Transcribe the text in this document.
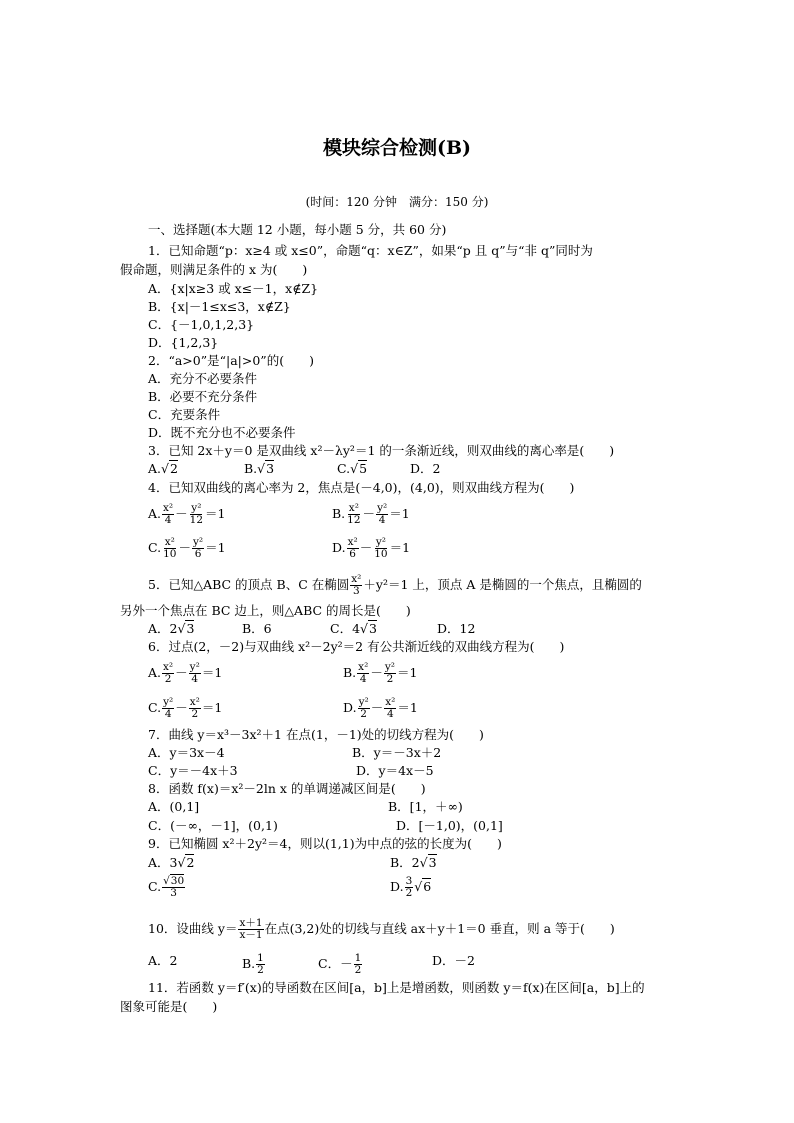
模块综合检测(B)
(时间：120 分钟　满分：150 分)
一、选择题(本大题 12 小题，每小题 5 分，共 60 分)
1．已知命题“p：x≥4 或 x≤0”，命题“q：x∈Z”，如果“p 且 q”与“非 q”同时为
假命题，则满足条件的 x 为(　　)
A．{x|x≥3 或 x≤－1，x∉Z}
B．{x|－1≤x≤3，x∉Z}
C．{－1,0,1,2,3}
D．{1,2,3}
2．“a>0”是“|a|>0”的(　　)
A．充分不必要条件
B．必要不充分条件
C．充要条件
D．既不充分也不必要条件
3．已知 2x＋y＝0 是双曲线 x²－λy²＝1 的一条渐近线，则双曲线的离心率是(　　)
A.√2	B.√3	C.√5	D．2
4．已知双曲线的离心率为 2，焦点是(－4,0)，(4,0)，则双曲线方程为(　　)
A. $\frac{\text{x²}}{4} - \frac{\text{y²}}{12} =1$	B. $\frac{\text{x²}}{12} - \frac{\text{y²}}{4} =1$
C. $\frac{\text{x²}}{10} - \frac{\text{y²}}{6} =1$	D. $\frac{\text{x²}}{6} - \frac{\text{y²}}{10} =1$
5．已知△ABC 的顶点 B、C 在椭圆 $\frac{\text{x²}}{3} +y^2=1$ 上，顶点 A 是椭圆的一个焦点，且椭圆的
另外一个焦点在 BC 边上，则△ABC 的周长是(　　)
A．2√3	B．6	C．4√3	D．12
6．过点(2，－2)与双曲线 x²－2y²＝2 有公共渐近线的双曲线方程为(　　)
A. $\frac{\text{x²}}{2} - \frac{\text{y²}}{4} =1$	B. $\frac{\text{x²}}{4} - \frac{\text{y²}}{2} =1$
C. $\frac{\text{y²}}{4} - \frac{\text{x²}}{2} =1$	D. $\frac{\text{y²}}{2} - \frac{\text{x²}}{4} =1$
7．曲线 y＝x³－3x²＋1 在点(1，－1)处的切线方程为(　　)
A．y＝3x－4	B．y＝－3x＋2
C．y＝－4x＋3	D．y＝4x－5
8．函数 f(x)＝x²－2ln x 的单调递减区间是(　　)
A．(0,1]	B．[1，＋∞)
C．(－∞，－1]，(0,1)	D．[－1,0)，(0,1]
9．已知椭圆 x²＋2y²＝4，则以(1,1)为中点的弦的长度为(　　)
A．3√2	B．2√3
C. $\frac{√30}{3}$	D. $\frac{3}{2} √6$
10．设曲线 $y= \frac{x+1}{x-1}$ 在点(3,2)处的切线与直线 ax＋y＋1＝0 垂直，则 a 等于(　　)
A．2	B. $\frac{1}{2}$	C．－ $\frac{1}{2}$	D．－2
11．若函数 y＝f′(x)的导函数在区间[a，b]上是增函数，则函数 y＝f(x)在区间[a，b]上的
图象可能是(　　)
